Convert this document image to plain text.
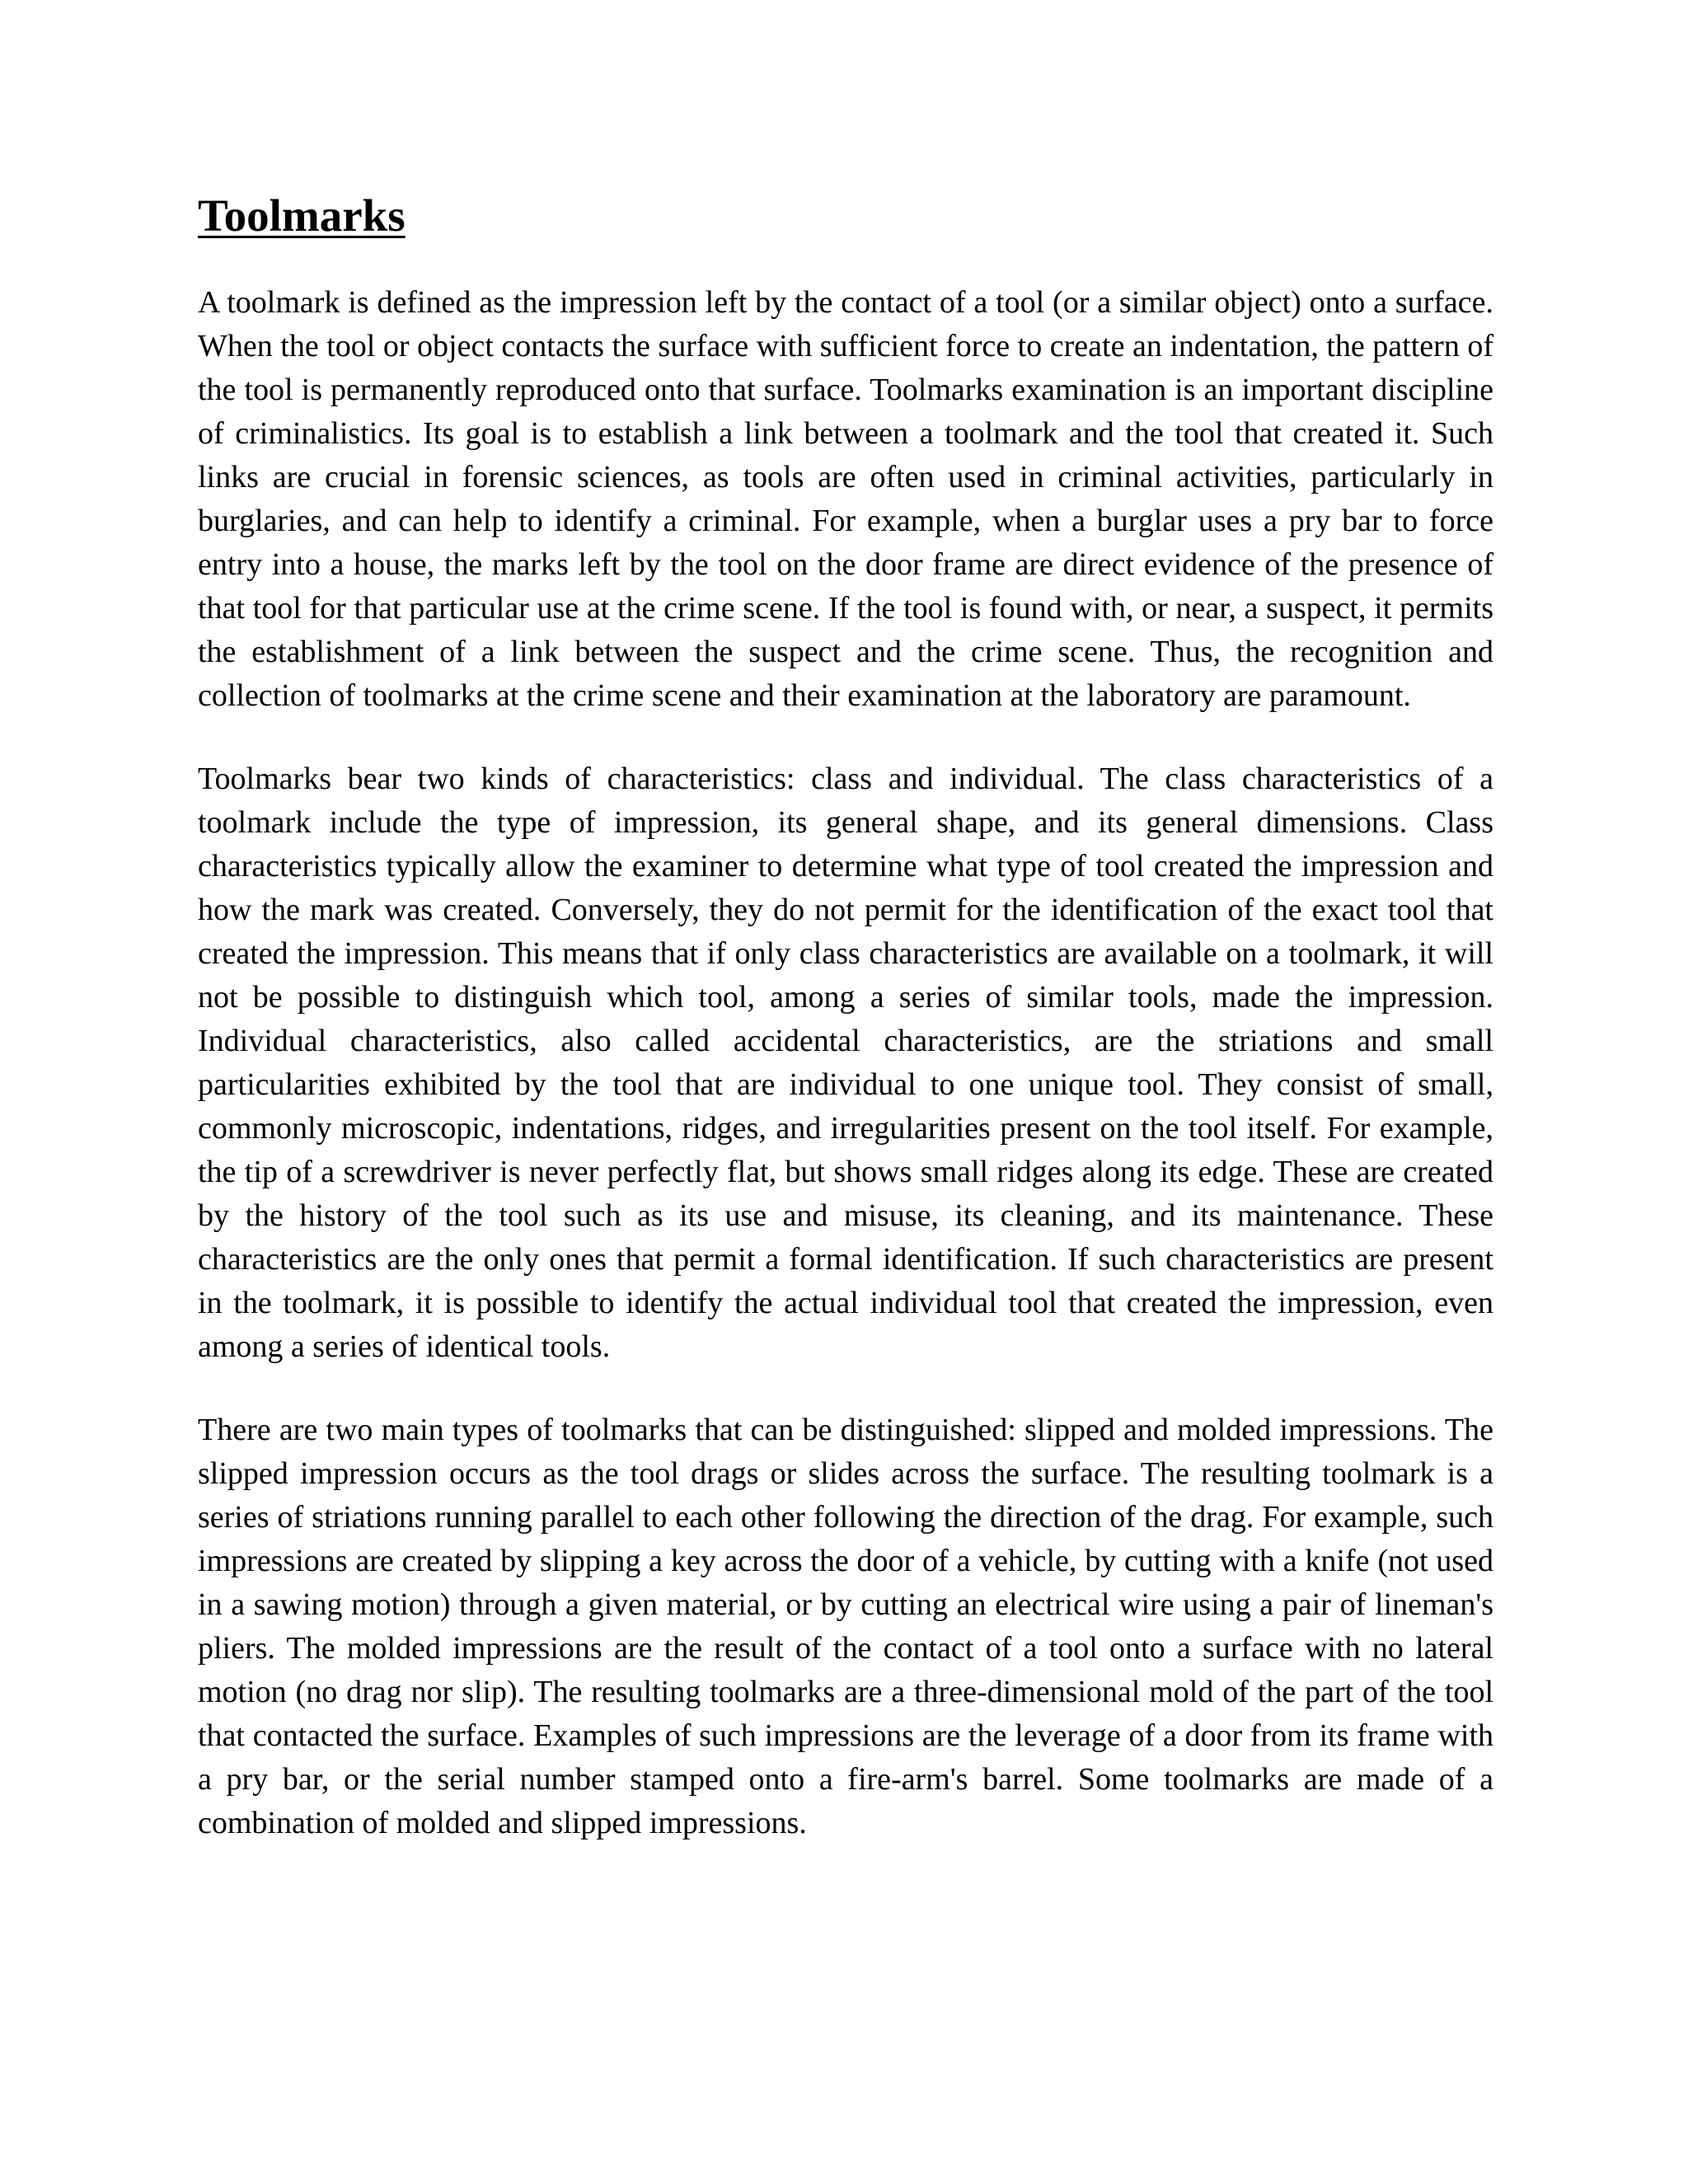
Toolmarks

A toolmark is defined as the impression left by the contact of a tool (or a similar object) onto a surface. When the tool or object contacts the surface with sufficient force to create an indentation, the pattern of the tool is permanently reproduced onto that surface. Toolmarks examination is an important discipline of criminalistics. Its goal is to establish a link between a toolmark and the tool that created it. Such links are crucial in forensic sciences, as tools are often used in criminal activities, particularly in burglaries, and can help to identify a criminal. For example, when a burglar uses a pry bar to force entry into a house, the marks left by the tool on the door frame are direct evidence of the presence of that tool for that particular use at the crime scene. If the tool is found with, or near, a suspect, it permits the establishment of a link between the suspect and the crime scene. Thus, the recognition and collection of toolmarks at the crime scene and their examination at the laboratory are paramount.

Toolmarks bear two kinds of characteristics: class and individual. The class characteristics of a toolmark include the type of impression, its general shape, and its general dimensions. Class characteristics typically allow the examiner to determine what type of tool created the impression and how the mark was created. Conversely, they do not permit for the identification of the exact tool that created the impression. This means that if only class characteristics are available on a toolmark, it will not be possible to distinguish which tool, among a series of similar tools, made the impression. Individual characteristics, also called accidental characteristics, are the striations and small particularities exhibited by the tool that are individual to one unique tool. They consist of small, commonly microscopic, indentations, ridges, and irregularities present on the tool itself. For example, the tip of a screwdriver is never perfectly flat, but shows small ridges along its edge. These are created by the history of the tool such as its use and misuse, its cleaning, and its maintenance. These characteristics are the only ones that permit a formal identification. If such characteristics are present in the toolmark, it is possible to identify the actual individual tool that created the impression, even among a series of identical tools.

There are two main types of toolmarks that can be distinguished: slipped and molded impressions. The slipped impression occurs as the tool drags or slides across the surface. The resulting toolmark is a series of striations running parallel to each other following the direction of the drag. For example, such impressions are created by slipping a key across the door of a vehicle, by cutting with a knife (not used in a sawing motion) through a given material, or by cutting an electrical wire using a pair of lineman's pliers. The molded impressions are the result of the contact of a tool onto a surface with no lateral motion (no drag nor slip). The resulting toolmarks are a three-dimensional mold of the part of the tool that contacted the surface. Examples of such impressions are the leverage of a door from its frame with a pry bar, or the serial number stamped onto a fire-arm's barrel. Some toolmarks are made of a combination of molded and slipped impressions.
